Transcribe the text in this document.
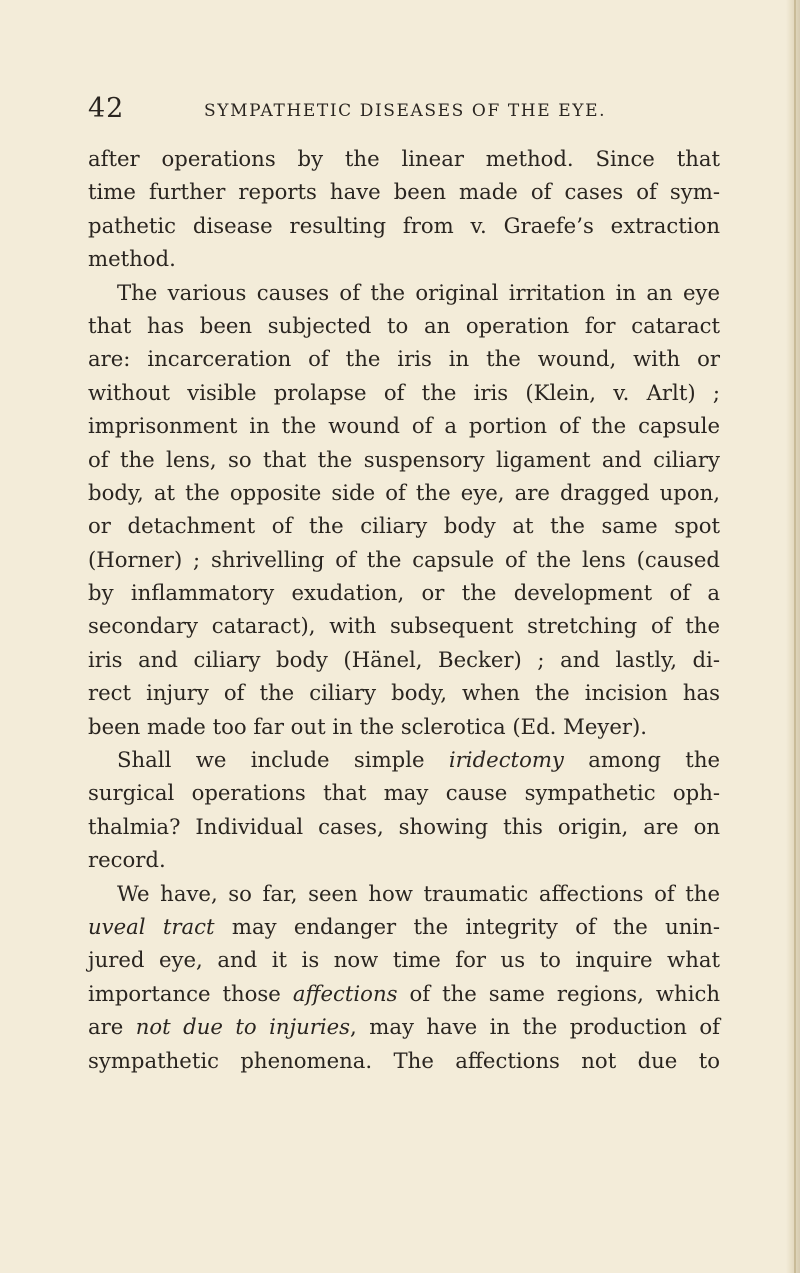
42	SYMPATHETIC DISEASES OF THE EYE.
after operations by the linear method. Since that
time further reports have been made of cases of sym-
pathetic disease resulting from v. Graefe’s extraction
method.
The various causes of the original irritation in an eye
that has been subjected to an operation for cataract
are: incarceration of the iris in the wound, with or
without visible prolapse of the iris (Klein, v. Arlt) ;
imprisonment in the wound of a portion of the capsule
of the lens, so that the suspensory ligament and ciliary
body, at the opposite side of the eye, are dragged upon,
or detachment of the ciliary body at the same spot
(Horner) ; shrivelling of the capsule of the lens (caused
by inflammatory exudation, or the development of a
secondary cataract), with subsequent stretching of the
iris and ciliary body (Hänel, Becker) ; and lastly, di-
rect injury of the ciliary body, when the incision has
been made too far out in the sclerotica (Ed. Meyer).
Shall we include simple iridectomy among the
surgical operations that may cause sympathetic oph-
thalmia? Individual cases, showing this origin, are on
record.
We have, so far, seen how traumatic affections of the
uveal tract may endanger the integrity of the unin-
jured eye, and it is now time for us to inquire what
importance those affections of the same regions, which
are not due to injuries, may have in the production of
sympathetic phenomena. The affections not due to
